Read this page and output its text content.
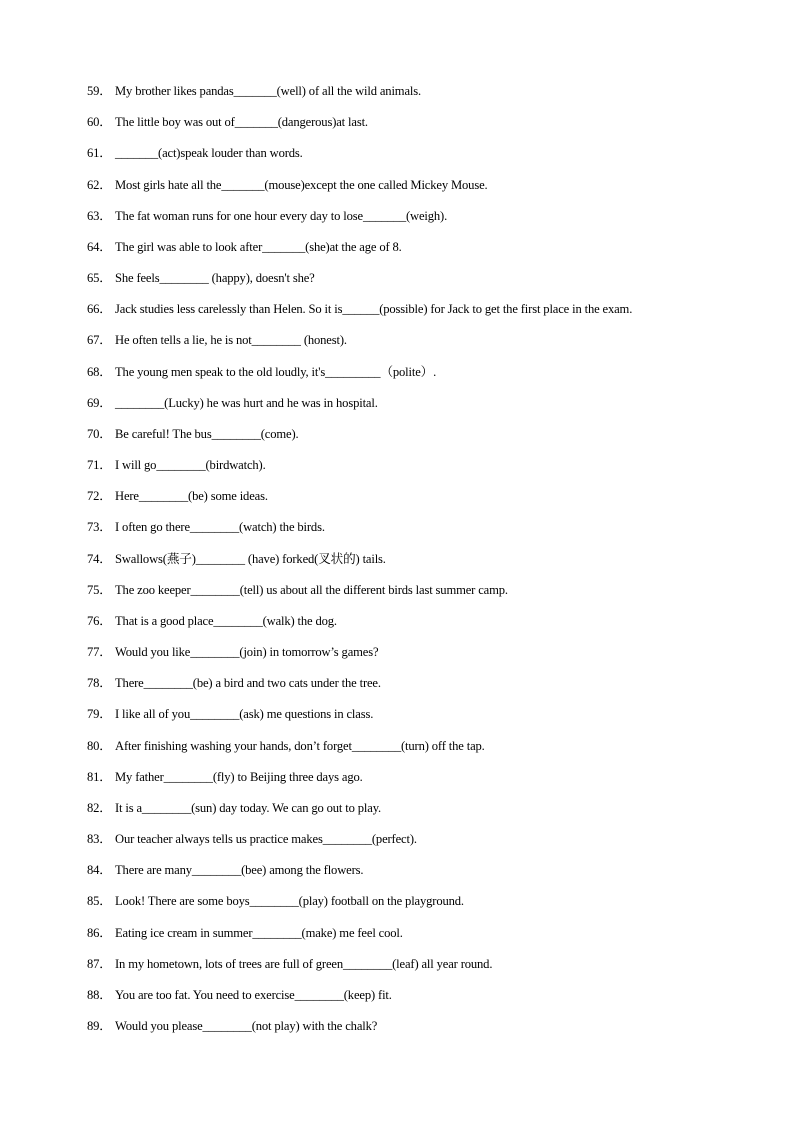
59． My brother likes pandas_______(well) of all the wild animals.
60． The little boy was out of_______(dangerous)at last.
61． _______(act)speak louder than words.
62． Most girls hate all the_______(mouse)except the one called Mickey Mouse.
63． The fat woman runs for one hour every day to lose_______(weigh).
64． The girl was able to look after_______(she)at the age of 8.
65． She feels________ (happy), doesn't she?
66． Jack studies less carelessly than Helen. So it is______(possible) for Jack to get the first place in the exam.
67． He often tells a lie, he is not________ (honest).
68． The young men speak to the old loudly, it's_________（polite）.
69． ________(Lucky) he was hurt and he was in hospital.
70． Be careful! The bus________(come).
71． I will go________(birdwatch).
72． Here________(be) some ideas.
73． I often go there________(watch) the birds.
74． Swallows(燕子)________ (have) forked(叉状的) tails.
75． The zoo keeper________(tell) us about all the different birds last summer camp.
76． That is a good place________(walk) the dog.
77． Would you like________(join) in tomorrow’s games?
78． There________(be) a bird and two cats under the tree.
79． I like all of you________(ask) me questions in class.
80． After finishing washing your hands, don’t forget________(turn) off the tap.
81． My father________(fly) to Beijing three days ago.
82． It is a________(sun) day today. We can go out to play.
83． Our teacher always tells us practice makes________(perfect).
84． There are many________(bee) among the flowers.
85． Look! There are some boys________(play) football on the playground.
86． Eating ice cream in summer________(make) me feel cool.
87． In my hometown, lots of trees are full of green________(leaf) all year round.
88． You are too fat. You need to exercise________(keep) fit.
89． Would you please________(not play) with the chalk?
